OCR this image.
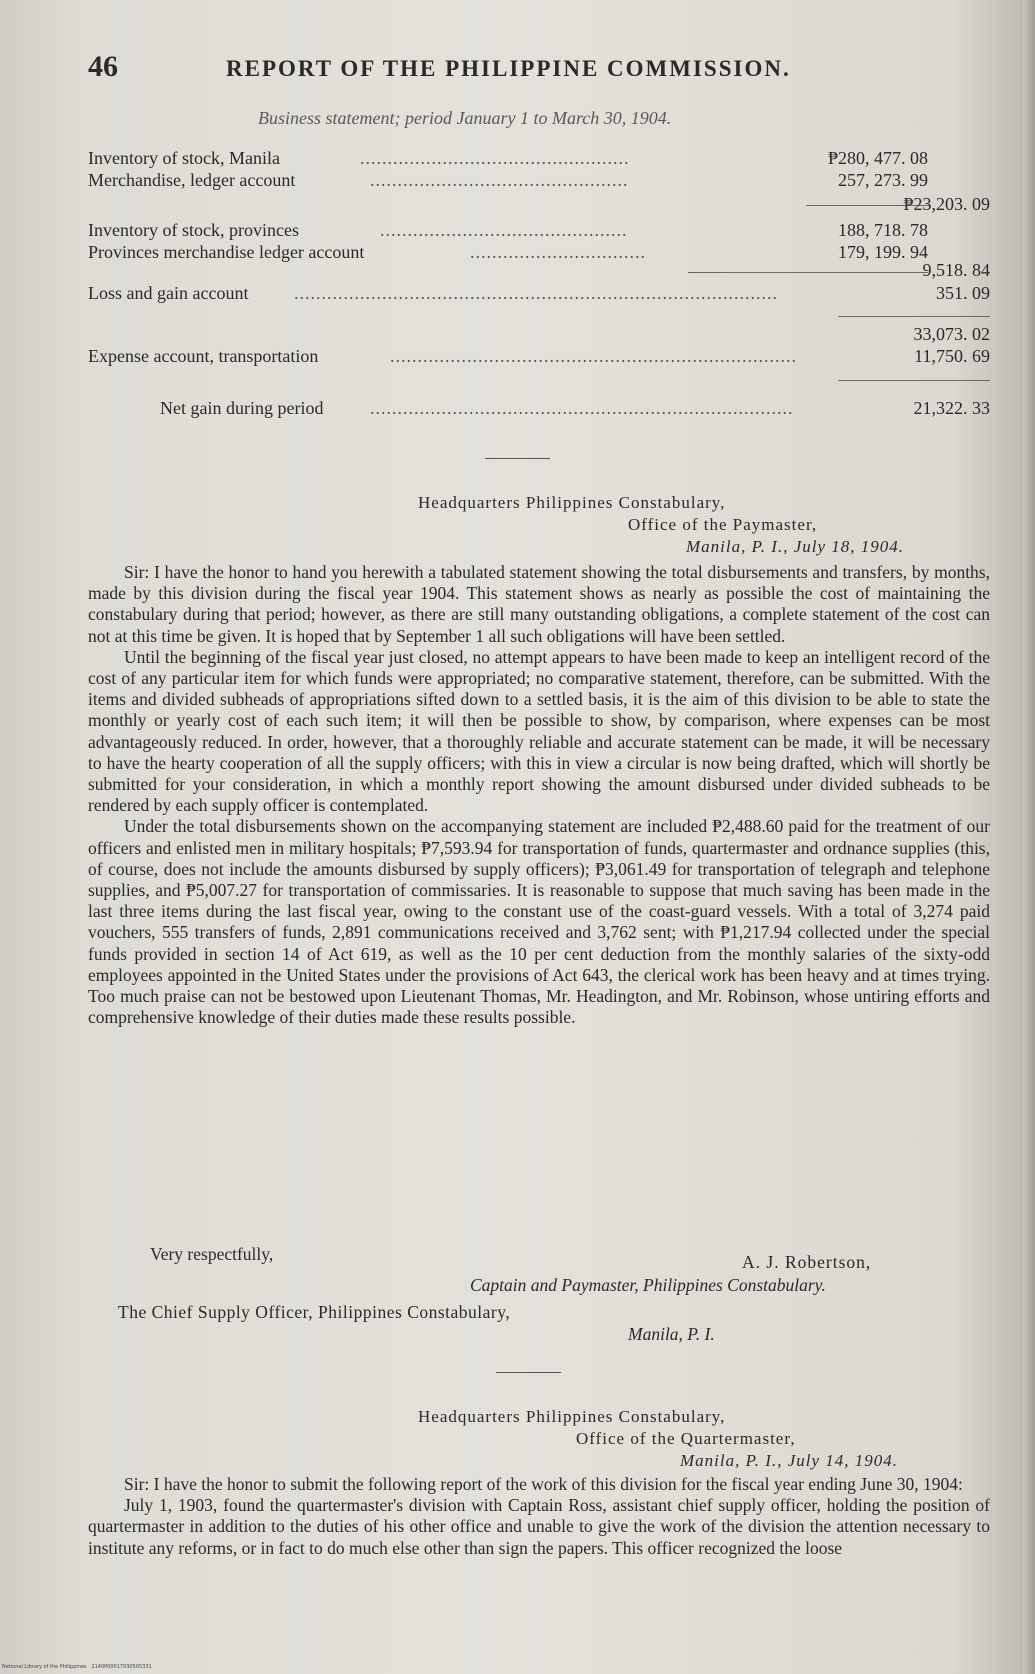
46	REPORT OF THE PHILIPPINE COMMISSION.
Business statement; period January 1 to March 30, 1904.
Inventory of stock, Manila	.................................................	₱280, 477. 08
Merchandise, ledger account	...............................................	257, 273. 99
₱23,203. 09
Inventory of stock, provinces	.............................................	188, 718. 78
Provinces merchandise ledger account	................................	179, 199. 94
9,518. 84
Loss and gain account	........................................................................................	351. 09
33,073. 02
Expense account, transportation	..........................................................................	11,750. 69
Net gain during period	.............................................................................	21,322. 33
Headquarters Philippines Constabulary,
Office of the Paymaster,
Manila, P. I., July 18, 1904.

Sir: I have the honor to hand you herewith a tabulated statement showing the total disbursements and transfers, by months, made by this division during the fiscal year 1904. This statement shows as nearly as possible the cost of maintaining the constabulary during that period; however, as there are still many outstanding obligations, a complete statement of the cost can not at this time be given. It is hoped that by September 1 all such obligations will have been settled.

Until the beginning of the fiscal year just closed, no attempt appears to have been made to keep an intelligent record of the cost of any particular item for which funds were appropriated; no comparative statement, therefore, can be submitted. With the items and divided subheads of appropriations sifted down to a settled basis, it is the aim of this division to be able to state the monthly or yearly cost of each such item; it will then be possible to show, by comparison, where expenses can be most advantageously reduced. In order, however, that a thoroughly reliable and accurate statement can be made, it will be necessary to have the hearty cooperation of all the supply officers; with this in view a circular is now being drafted, which will shortly be submitted for your consideration, in which a monthly report showing the amount disbursed under divided subheads to be rendered by each supply officer is contemplated.

Under the total disbursements shown on the accompanying statement are included ₱2,488.60 paid for the treatment of our officers and enlisted men in military hospitals; ₱7,593.94 for transportation of funds, quartermaster and ordnance supplies (this, of course, does not include the amounts disbursed by supply officers); ₱3,061.49 for transportation of telegraph and telephone supplies, and ₱5,007.27 for transportation of commissaries. It is reasonable to suppose that much saving has been made in the last three items during the last fiscal year, owing to the constant use of the coast-guard vessels. With a total of 3,274 paid vouchers, 555 transfers of funds, 2,891 communications received and 3,762 sent; with ₱1,217.94 collected under the special funds provided in section 14 of Act 619, as well as the 10 per cent deduction from the monthly salaries of the sixty-odd employees appointed in the United States under the provisions of Act 643, the clerical work has been heavy and at times trying. Too much praise can not be bestowed upon Lieutenant Thomas, Mr. Headington, and Mr. Robinson, whose untiring efforts and comprehensive knowledge of their duties made these results possible.

Very respectfully,	A. J. Robertson,
Captain and Paymaster, Philippines Constabulary.
The Chief Supply Officer, Philippines Constabulary,
Manila, P. I.
Headquarters Philippines Constabulary,
Office of the Quartermaster,
Manila, P. I., July 14, 1904.

Sir: I have the honor to submit the following report of the work of this division for the fiscal year ending June 30, 1904:

July 1, 1903, found the quartermaster's division with Captain Ross, assistant chief supply officer, holding the position of quartermaster in addition to the duties of his other office and unable to give the work of the division the attention necessary to institute any reforms, or in fact to do much else other than sign the papers. This officer recognized the loose

National Library of the Philippines · 2140P00017930505331
